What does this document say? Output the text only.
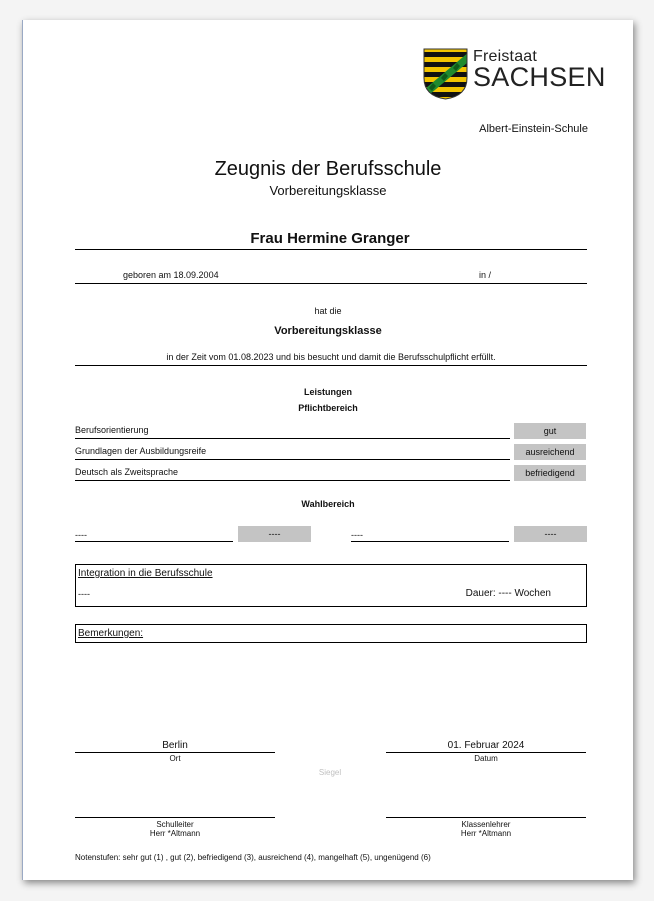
Freistaat
SACHSEN
Albert-Einstein-Schule
Zeugnis der Berufsschule
Vorbereitungsklasse
Frau Hermine Granger
geboren am 18.09.2004	in /
hat die
Vorbereitungsklasse
in der Zeit vom 01.08.2023 und bis besucht und damit die Berufsschulpflicht erfüllt.
Leistungen
Pflichtbereich
Berufsorientierung	gut
Grundlagen der Ausbildungsreife	ausreichend
Deutsch als Zweitsprache	befriedigend
Wahlbereich
----	----	----	----
Integration in die Berufsschule
----	Dauer: ---- Wochen
Bemerkungen:
Berlin
Ort
01. Februar 2024
Datum
Siegel
Schulleiter
Herr *Altmann
Klassenlehrer
Herr *Altmann
Notenstufen: sehr gut (1) , gut (2), befriedigend (3), ausreichend (4), mangelhaft (5), ungenügend (6)
